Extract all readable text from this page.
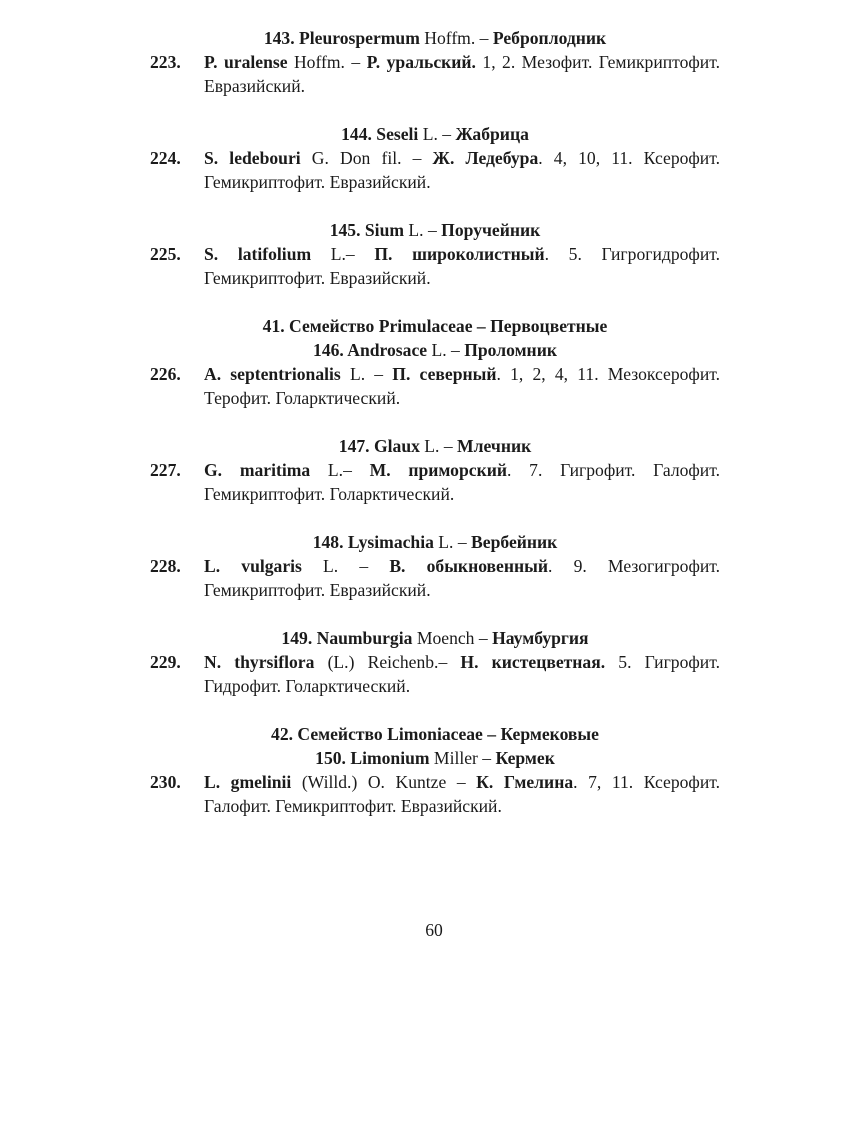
143. Pleurospermum Hoffm. – Реброплодник

223. P. uralense Hoffm. – P. уральский. 1, 2. Мезофит. Гемикриптофит. Евразийский.

144. Seseli L. – Жабрица

224. S. ledebouri G. Don fil. – Ж. Ледебура. 4, 10, 11. Ксерофит. Гемикриптофит. Евразийский.

145. Sium L. – Поручейник

225. S. latifolium L.– П. широколистный. 5. Гигрогидрофит. Гемикриптофит. Евразийский.

41. Семейство Primulaceae – Первоцветные
146. Androsace L. – Проломник

226. A. septentrionalis L. – П. северный. 1, 2, 4, 11. Мезоксерофит. Терофит. Голарктический.

147. Glaux L. – Млечник

227. G. maritima L.– М. приморский. 7. Гигрофит. Галофит. Гемикриптофит. Голарктический.

148. Lysimachia L. – Вербейник

228. L. vulgaris L. – В. обыкновенный. 9. Мезогигрофит. Гемикриптофит. Евразийский.

149. Naumburgia Moench – Наумбургия

229. N. thyrsiflora (L.) Reichenb.– Н. кистецветная. 5. Гигрофит. Гидрофит. Голарктический.

42. Семейство Limoniaceae – Кермековые
150. Limonium Miller – Кермек

230. L. gmelinii (Willd.) O. Kuntze – К. Гмелина. 7, 11. Ксерофит. Галофит. Гемикриптофит. Евразийский.

60
